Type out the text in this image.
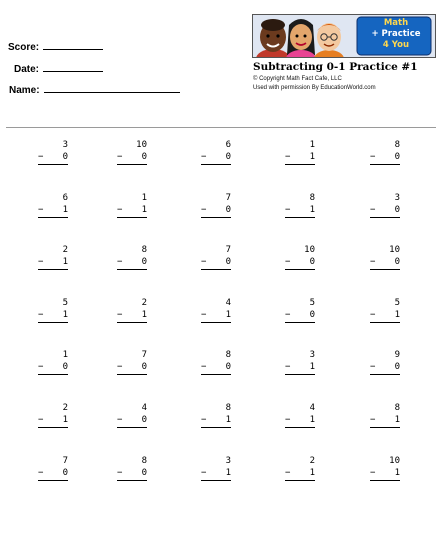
Score:
Date:
Name:
Math
+ Practice
4 You
Subtracting 0-1 Practice #1
© Copyright Math Fact Cafe, LLC
Used with permission By EducationWorld.com
3
− 0
10
− 0
6
− 0
1
− 1
8
− 0
6
− 1
1
− 1
7
− 0
8
− 1
3
− 0
2
− 1
8
− 0
7
− 0
10
− 0
10
− 0
5
− 1
2
− 1
4
− 1
5
− 0
5
− 1
1
− 0
7
− 0
8
− 0
3
− 1
9
− 0
2
− 1
4
− 0
8
− 1
4
− 1
8
− 1
7
− 0
8
− 0
3
− 1
2
− 1
10
− 1
